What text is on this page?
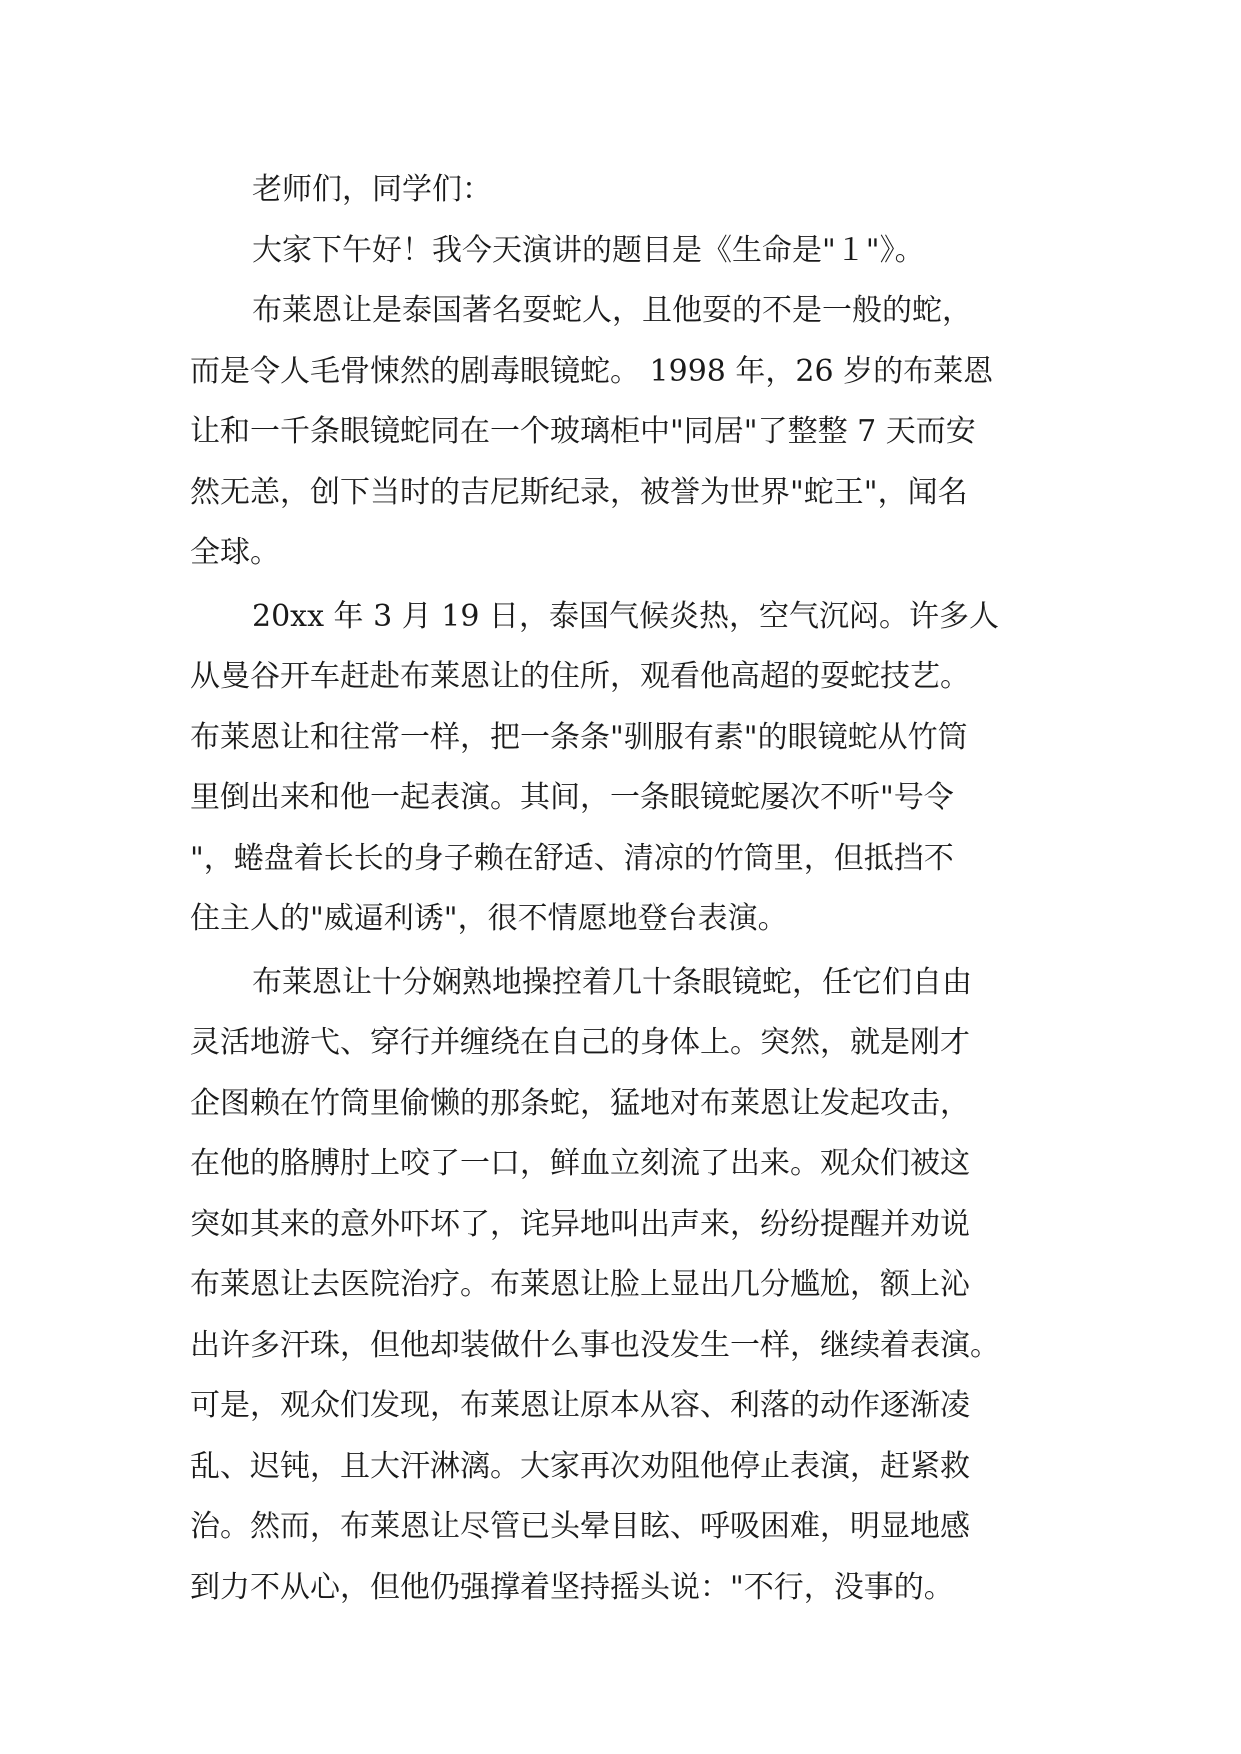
老师们，同学们：

大家下午好！我今天演讲的题目是《生命是"１"》。

布莱恩让是泰国著名耍蛇人，且他耍的不是一般的蛇，
而是令人毛骨悚然的剧毒眼镜蛇。 1998 年，26 岁的布莱恩
让和一千条眼镜蛇同在一个玻璃柜中"同居"了整整 7 天而安
然无恙，创下当时的吉尼斯纪录，被誉为世界"蛇王"，闻名
全球。

20xx 年 3 月 19 日，泰国气候炎热，空气沉闷。许多人
从曼谷开车赶赴布莱恩让的住所，观看他高超的耍蛇技艺。
布莱恩让和往常一样，把一条条"驯服有素"的眼镜蛇从竹筒
里倒出来和他一起表演。其间，一条眼镜蛇屡次不听"号令
"，蜷盘着长长的身子赖在舒适、清凉的竹筒里，但抵挡不
住主人的"威逼利诱"，很不情愿地登台表演。

布莱恩让十分娴熟地操控着几十条眼镜蛇，任它们自由
灵活地游弋、穿行并缠绕在自己的身体上。突然，就是刚才
企图赖在竹筒里偷懒的那条蛇，猛地对布莱恩让发起攻击，
在他的胳膊肘上咬了一口，鲜血立刻流了出来。观众们被这
突如其来的意外吓坏了，诧异地叫出声来，纷纷提醒并劝说
布莱恩让去医院治疗。布莱恩让脸上显出几分尴尬，额上沁
出许多汗珠，但他却装做什么事也没发生一样，继续着表演。
可是，观众们发现，布莱恩让原本从容、利落的动作逐渐凌
乱、迟钝，且大汗淋漓。大家再次劝阻他停止表演，赶紧救
治。然而，布莱恩让尽管已头晕目眩、呼吸困难，明显地感
到力不从心，但他仍强撑着坚持摇头说："不行，没事的。
